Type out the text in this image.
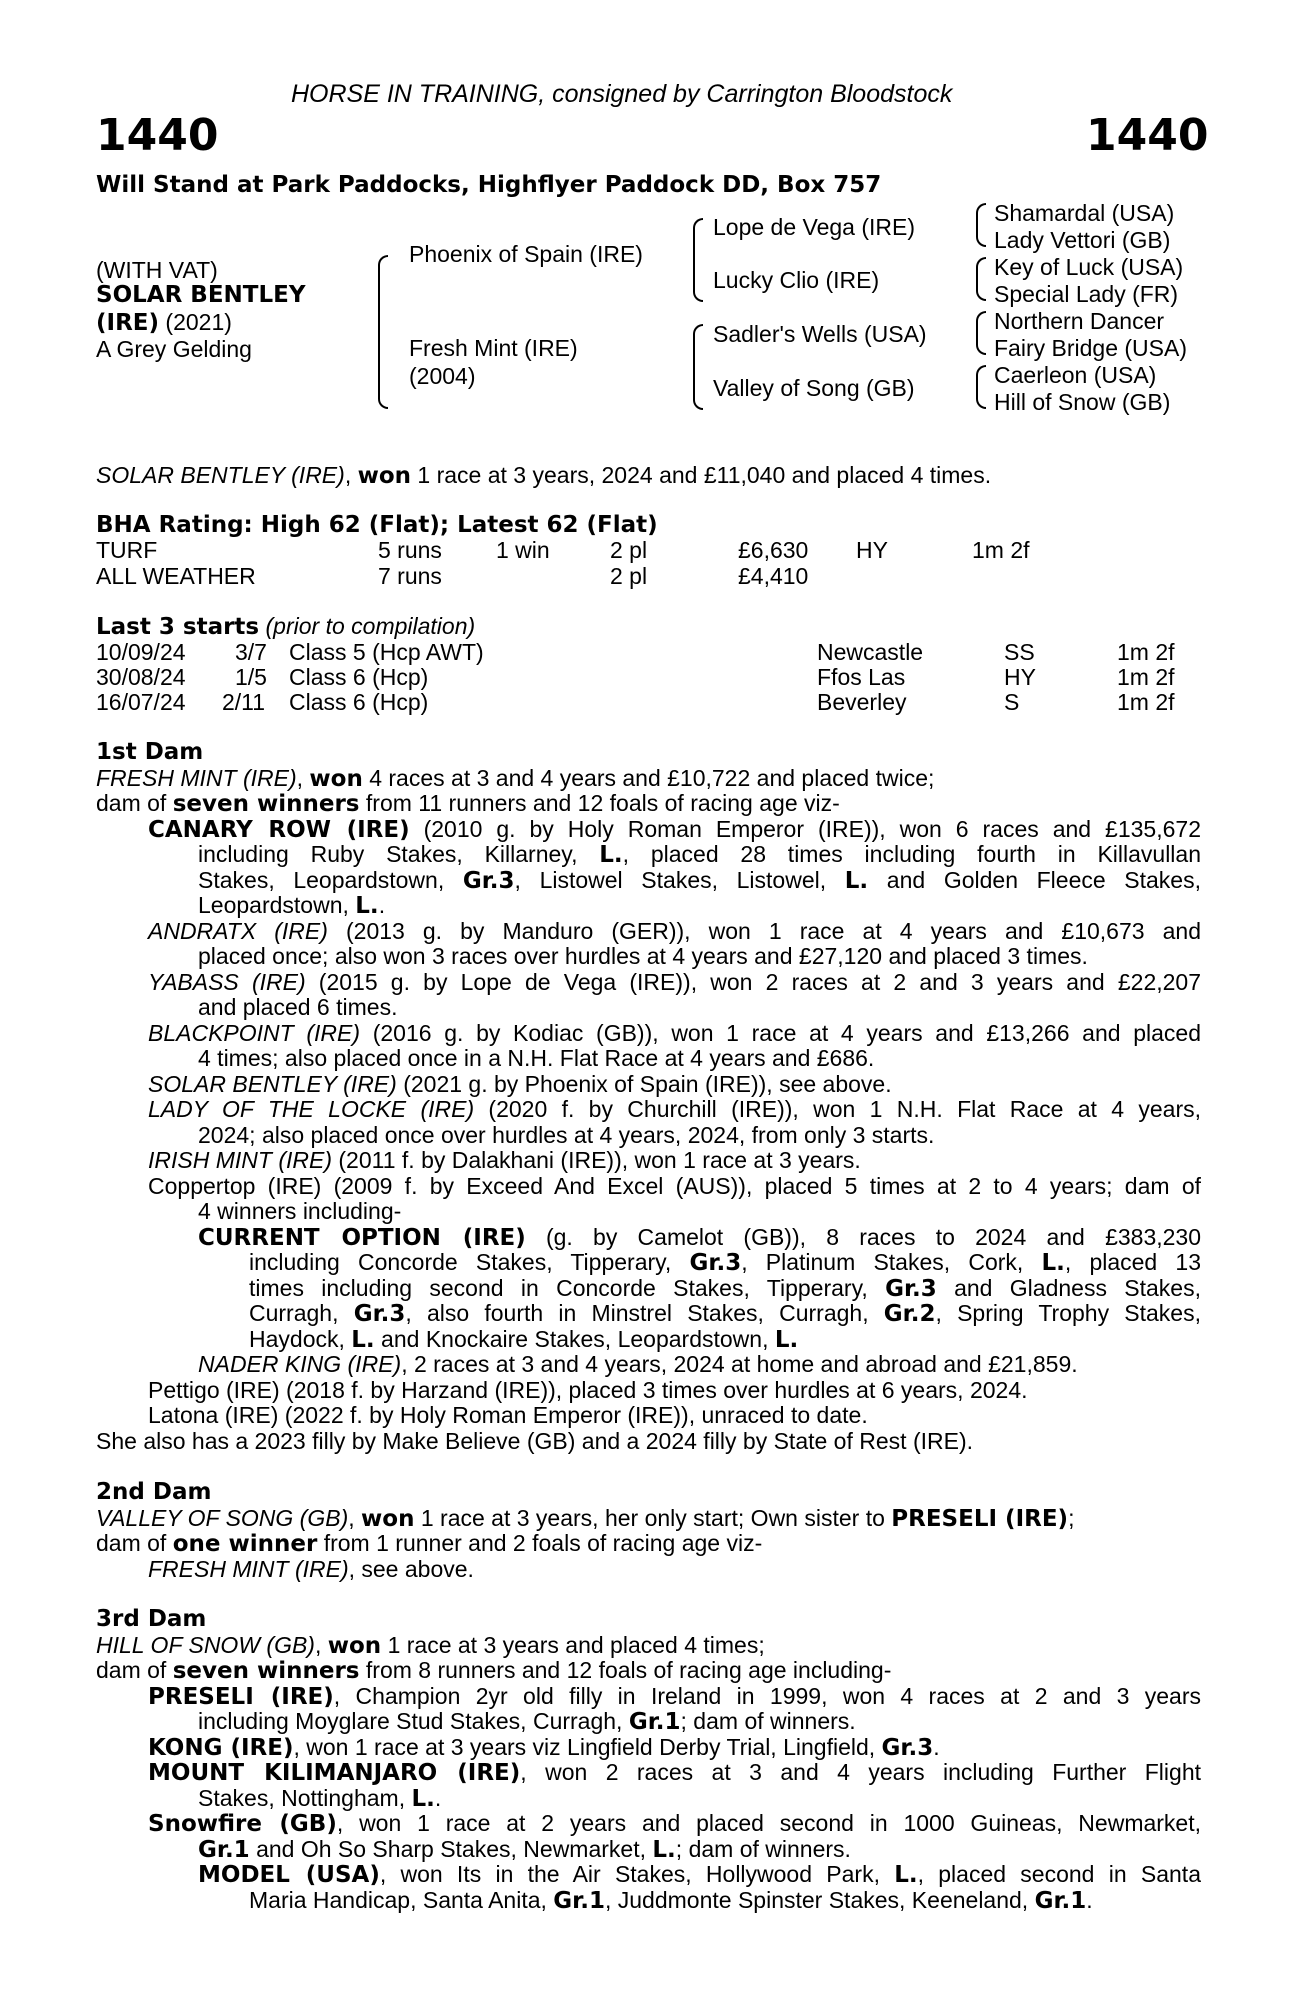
HORSE IN TRAINING, consigned by Carrington Bloodstock
1440	1440
Will Stand at Park Paddocks, Highflyer Paddock DD, Box 757
(WITH VAT)
SOLAR BENTLEY
(IRE) (2021)
A Grey Gelding
Phoenix of Spain (IRE)
Fresh Mint (IRE)
(2004)
Lope de Vega (IRE)
Lucky Clio (IRE)
Sadler's Wells (USA)
Valley of Song (GB)
Shamardal (USA)
Lady Vettori (GB)
Key of Luck (USA)
Special Lady (FR)
Northern Dancer
Fairy Bridge (USA)
Caerleon (USA)
Hill of Snow (GB)
SOLAR BENTLEY (IRE), won 1 race at 3 years, 2024 and £11,040 and placed 4 times.
BHA Rating: High 62 (Flat); Latest 62 (Flat)
TURF	5 runs 1 win	2 pl	£6,630 HY	1m 2f
ALL WEATHER	7 runs	2 pl	£4,410
Last 3 starts (prior to compilation)
10/09/24 3/7 Class 5 (Hcp AWT)	Newcastle	SS	1m 2f
30/08/24 1/5 Class 6 (Hcp)	Ffos Las	HY	1m 2f
16/07/24 2/11 Class 6 (Hcp)	Beverley	S	1m 2f
1st Dam
FRESH MINT (IRE), won 4 races at 3 and 4 years and £10,722 and placed twice;
dam of seven winners from 11 runners and 12 foals of racing age viz-
CANARY ROW (IRE) (2010 g. by Holy Roman Emperor (IRE)), won 6 races and £135,672
including Ruby Stakes, Killarney, L., placed 28 times including fourth in Killavullan
Stakes, Leopardstown, Gr.3, Listowel Stakes, Listowel, L. and Golden Fleece Stakes,
Leopardstown, L..
ANDRATX (IRE) (2013 g. by Manduro (GER)), won 1 race at 4 years and £10,673 and
placed once; also won 3 races over hurdles at 4 years and £27,120 and placed 3 times.
YABASS (IRE) (2015 g. by Lope de Vega (IRE)), won 2 races at 2 and 3 years and £22,207
and placed 6 times.
BLACKPOINT (IRE) (2016 g. by Kodiac (GB)), won 1 race at 4 years and £13,266 and placed
4 times; also placed once in a N.H. Flat Race at 4 years and £686.
SOLAR BENTLEY (IRE) (2021 g. by Phoenix of Spain (IRE)), see above.
LADY OF THE LOCKE (IRE) (2020 f. by Churchill (IRE)), won 1 N.H. Flat Race at 4 years,
2024; also placed once over hurdles at 4 years, 2024, from only 3 starts.
IRISH MINT (IRE) (2011 f. by Dalakhani (IRE)), won 1 race at 3 years.
Coppertop (IRE) (2009 f. by Exceed And Excel (AUS)), placed 5 times at 2 to 4 years; dam of
4 winners including-
CURRENT OPTION (IRE) (g. by Camelot (GB)), 8 races to 2024 and £383,230
including Concorde Stakes, Tipperary, Gr.3, Platinum Stakes, Cork, L., placed 13
times including second in Concorde Stakes, Tipperary, Gr.3 and Gladness Stakes,
Curragh, Gr.3, also fourth in Minstrel Stakes, Curragh, Gr.2, Spring Trophy Stakes,
Haydock, L. and Knockaire Stakes, Leopardstown, L.
NADER KING (IRE), 2 races at 3 and 4 years, 2024 at home and abroad and £21,859.
Pettigo (IRE) (2018 f. by Harzand (IRE)), placed 3 times over hurdles at 6 years, 2024.
Latona (IRE) (2022 f. by Holy Roman Emperor (IRE)), unraced to date.
She also has a 2023 filly by Make Believe (GB) and a 2024 filly by State of Rest (IRE).
2nd Dam
VALLEY OF SONG (GB), won 1 race at 3 years, her only start; Own sister to PRESELI (IRE);
dam of one winner from 1 runner and 2 foals of racing age viz-
FRESH MINT (IRE), see above.
3rd Dam
HILL OF SNOW (GB), won 1 race at 3 years and placed 4 times;
dam of seven winners from 8 runners and 12 foals of racing age including-
PRESELI (IRE), Champion 2yr old filly in Ireland in 1999, won 4 races at 2 and 3 years
including Moyglare Stud Stakes, Curragh, Gr.1; dam of winners.
KONG (IRE), won 1 race at 3 years viz Lingfield Derby Trial, Lingfield, Gr.3.
MOUNT KILIMANJARO (IRE), won 2 races at 3 and 4 years including Further Flight
Stakes, Nottingham, L..
Snowfire (GB), won 1 race at 2 years and placed second in 1000 Guineas, Newmarket,
Gr.1 and Oh So Sharp Stakes, Newmarket, L.; dam of winners.
MODEL (USA), won Its in the Air Stakes, Hollywood Park, L., placed second in Santa
Maria Handicap, Santa Anita, Gr.1, Juddmonte Spinster Stakes, Keeneland, Gr.1.
